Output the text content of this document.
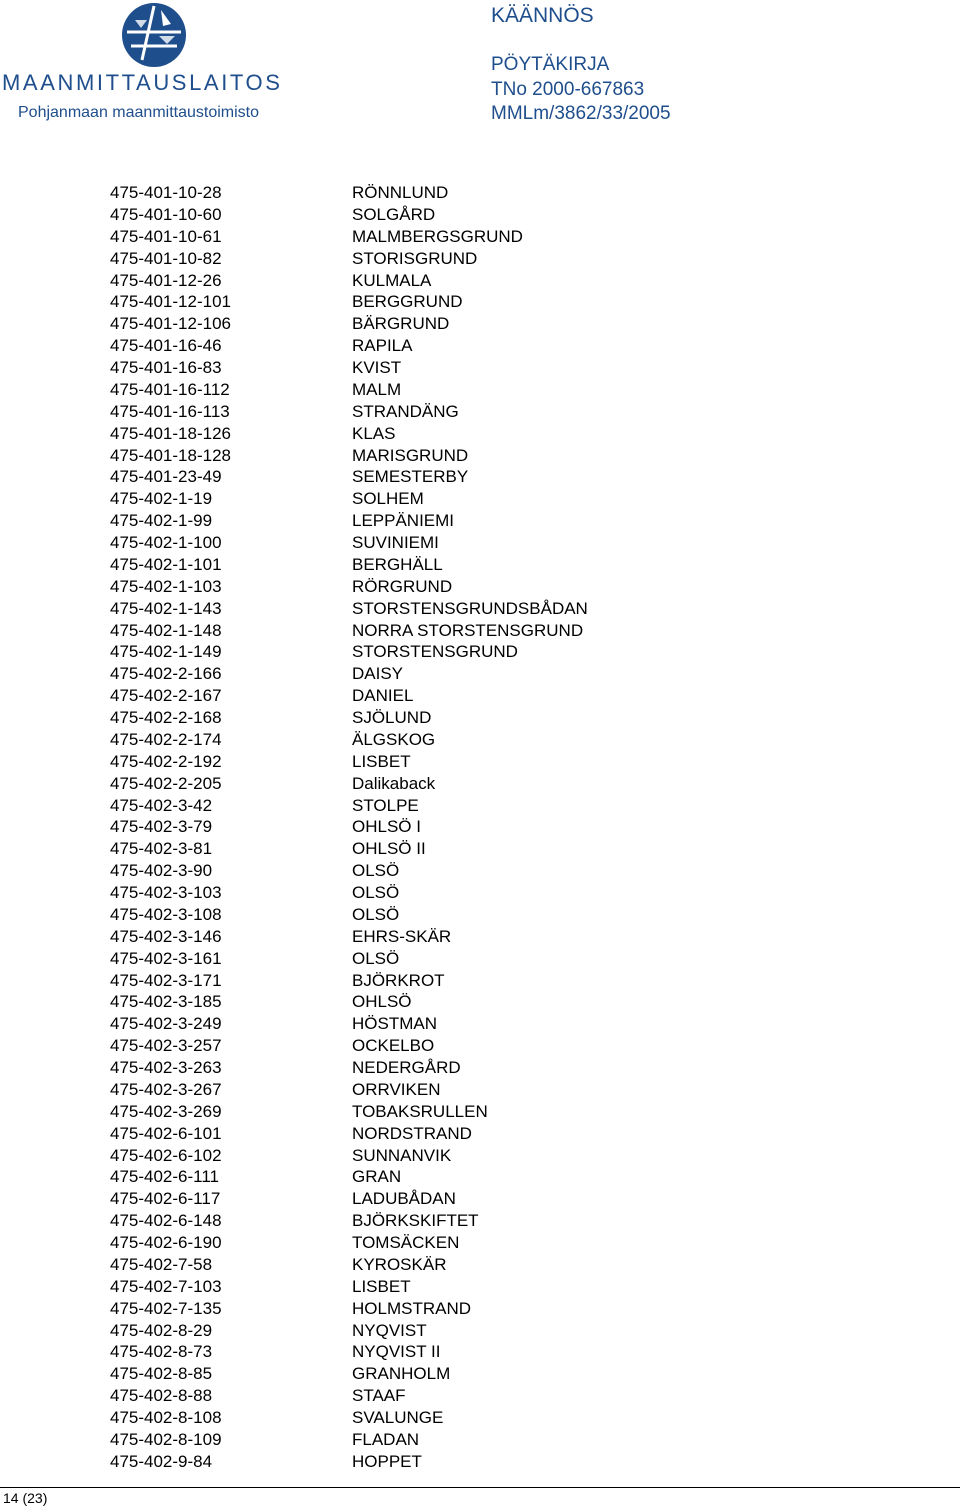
MAANMITTAUSLAITOS
Pohjanmaan maanmittaustoimisto
KÄÄNNÖS
PÖYTÄKIRJA
TNo 2000-667863
MMLm/3862/33/2005
475-401-10-28	RÖNNLUND
475-401-10-60	SOLGÅRD
475-401-10-61	MALMBERGSGRUND
475-401-10-82	STORISGRUND
475-401-12-26	KULMALA
475-401-12-101	BERGGRUND
475-401-12-106	BÄRGRUND
475-401-16-46	RAPILA
475-401-16-83	KVIST
475-401-16-112	MALM
475-401-16-113	STRANDÄNG
475-401-18-126	KLAS
475-401-18-128	MARISGRUND
475-401-23-49	SEMESTERBY
475-402-1-19	SOLHEM
475-402-1-99	LEPPÄNIEMI
475-402-1-100	SUVINIEMI
475-402-1-101	BERGHÄLL
475-402-1-103	RÖRGRUND
475-402-1-143	STORSTENSGRUNDSBÅDAN
475-402-1-148	NORRA STORSTENSGRUND
475-402-1-149	STORSTENSGRUND
475-402-2-166	DAISY
475-402-2-167	DANIEL
475-402-2-168	SJÖLUND
475-402-2-174	ÄLGSKOG
475-402-2-192	LISBET
475-402-2-205	Dalikaback
475-402-3-42	STOLPE
475-402-3-79	OHLSÖ I
475-402-3-81	OHLSÖ II
475-402-3-90	OLSÖ
475-402-3-103	OLSÖ
475-402-3-108	OLSÖ
475-402-3-146	EHRS-SKÄR
475-402-3-161	OLSÖ
475-402-3-171	BJÖRKROT
475-402-3-185	OHLSÖ
475-402-3-249	HÖSTMAN
475-402-3-257	OCKELBO
475-402-3-263	NEDERGÅRD
475-402-3-267	ORRVIKEN
475-402-3-269	TOBAKSRULLEN
475-402-6-101	NORDSTRAND
475-402-6-102	SUNNANVIK
475-402-6-111	GRAN
475-402-6-117	LADUBÅDAN
475-402-6-148	BJÖRKSKIFTET
475-402-6-190	TOMSÄCKEN
475-402-7-58	KYROSKÄR
475-402-7-103	LISBET
475-402-7-135	HOLMSTRAND
475-402-8-29	NYQVIST
475-402-8-73	NYQVIST II
475-402-8-85	GRANHOLM
475-402-8-88	STAAF
475-402-8-108	SVALUNGE
475-402-8-109	FLADAN
475-402-9-84	HOPPET
14 (23)
